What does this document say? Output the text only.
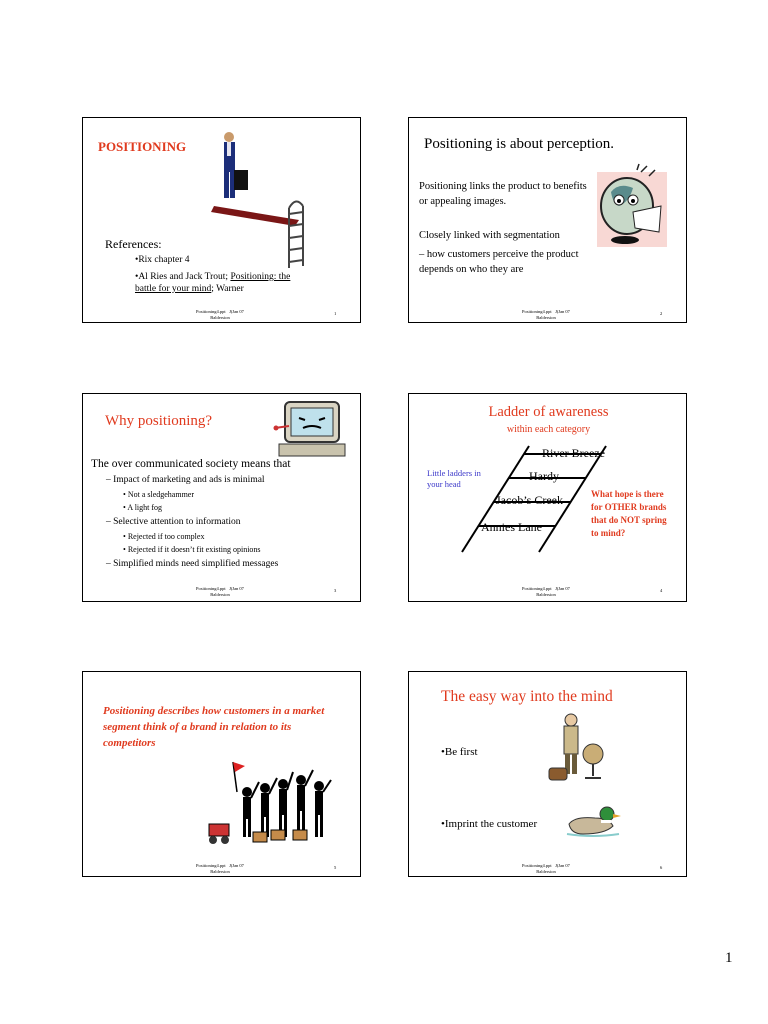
POSITIONING
References:
•Rix chapter 4
•Al Ries and Jack Trout; Positioning: the
battle for your mind; Warner
Positioning4.ppt J(Jan 07
Baldersion
1
Positioning is about perception.
Positioning links the product to benefits or appealing images.
Closely linked with segmentation
– how customers perceive the product depends on who they are
Positioning4.ppt J(Jan 07
Baldersion
2
Why positioning?
The over communicated society means that
– Impact of marketing and ads is minimal
• Not a sledgehammer
• A light fog
– Selective attention to information
• Rejected if too complex
• Rejected if it doesn’t fit existing opinions
– Simplified minds need simplified messages
Positioning4.ppt J(Jan 07
Baldersion
3
Ladder of awareness
within each category
River Breeze
Hardy
Jacob’s Creek
Annies Lane
Little ladders in your head
What hope is there for OTHER brands that do NOT spring to mind?
Positioning4.ppt J(Jan 07
Baldersion
4
Positioning describes how customers in a market segment think of a brand in relation to its competitors
Positioning4.ppt J(Jan 07
Baldersion
5
The easy way into the mind
•Be first
•Imprint the customer
Positioning4.ppt J(Jan 07
Baldersion
6
1
